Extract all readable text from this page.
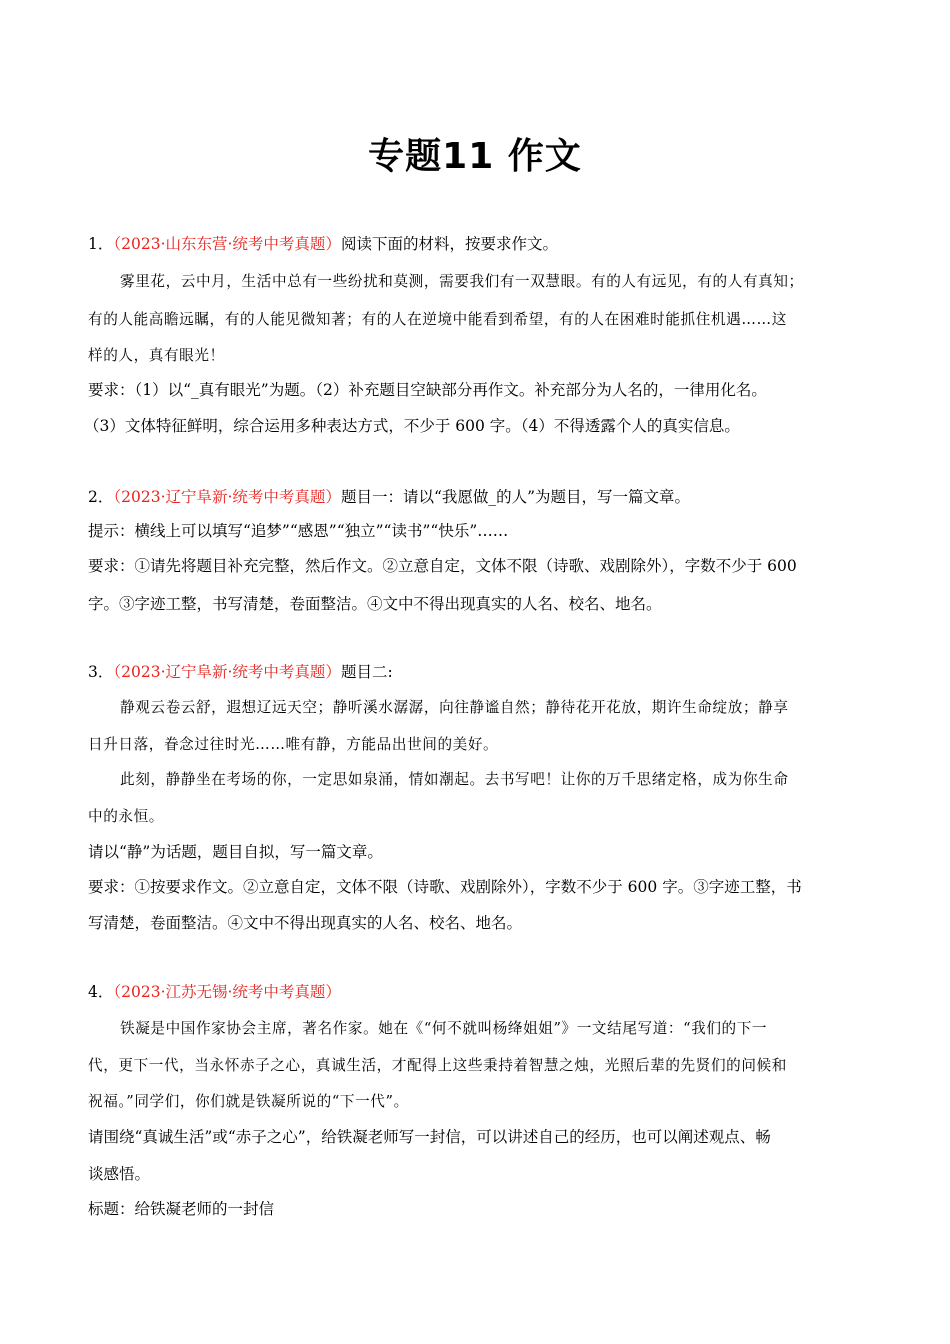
专题11 作文
1．（2023·山东东营·统考中考真题）阅读下面的材料，按要求作文。
雾里花，云中月，生活中总有一些纷扰和莫测，需要我们有一双慧眼。有的人有远见，有的人有真知；
有的人能高瞻远瞩，有的人能见微知著；有的人在逆境中能看到希望，有的人在困难时能抓住机遇……这
样的人，真有眼光！
要求：（1）以“_真有眼光”为题。（2）补充题目空缺部分再作文。补充部分为人名的，一律用化名。
（3）文体特征鲜明，综合运用多种表达方式，不少于 600 字。（4）不得透露个人的真实信息。
2．（2023·辽宁阜新·统考中考真题）题目一：请以“我愿做_的人”为题目，写一篇文章。
提示：横线上可以填写“追梦”“感恩”“独立”“读书”“快乐”……
要求：①请先将题目补充完整，然后作文。②立意自定，文体不限（诗歌、戏剧除外），字数不少于 600
字。③字迹工整，书写清楚，卷面整洁。④文中不得出现真实的人名、校名、地名。
3．（2023·辽宁阜新·统考中考真题）题目二:
静观云卷云舒，遐想辽远天空；静听溪水潺潺，向往静谧自然；静待花开花放，期许生命绽放；静享
日升日落，眷念过往时光……唯有静，方能品出世间的美好。
此刻，静静坐在考场的你，一定思如泉涌，情如潮起。去书写吧！让你的万千思绪定格，成为你生命
中的永恒。
请以“静”为话题，题目自拟，写一篇文章。
要求：①按要求作文。②立意自定，文体不限（诗歌、戏剧除外），字数不少于 600 字。③字迹工整，书
写清楚，卷面整洁。④文中不得出现真实的人名、校名、地名。
4．（2023·江苏无锡·统考中考真题）
铁凝是中国作家协会主席，著名作家。她在《“何不就叫杨绛姐姐”》一文结尾写道：“我们的下一
代，更下一代，当永怀赤子之心，真诚生活，才配得上这些秉持着智慧之烛，光照后辈的先贤们的问候和
祝福。”同学们，你们就是铁凝所说的“下一代”。
请围绕“真诚生活”或“赤子之心”，给铁凝老师写一封信，可以讲述自己的经历，也可以阐述观点、畅
谈感悟。
标题：给铁凝老师的一封信
